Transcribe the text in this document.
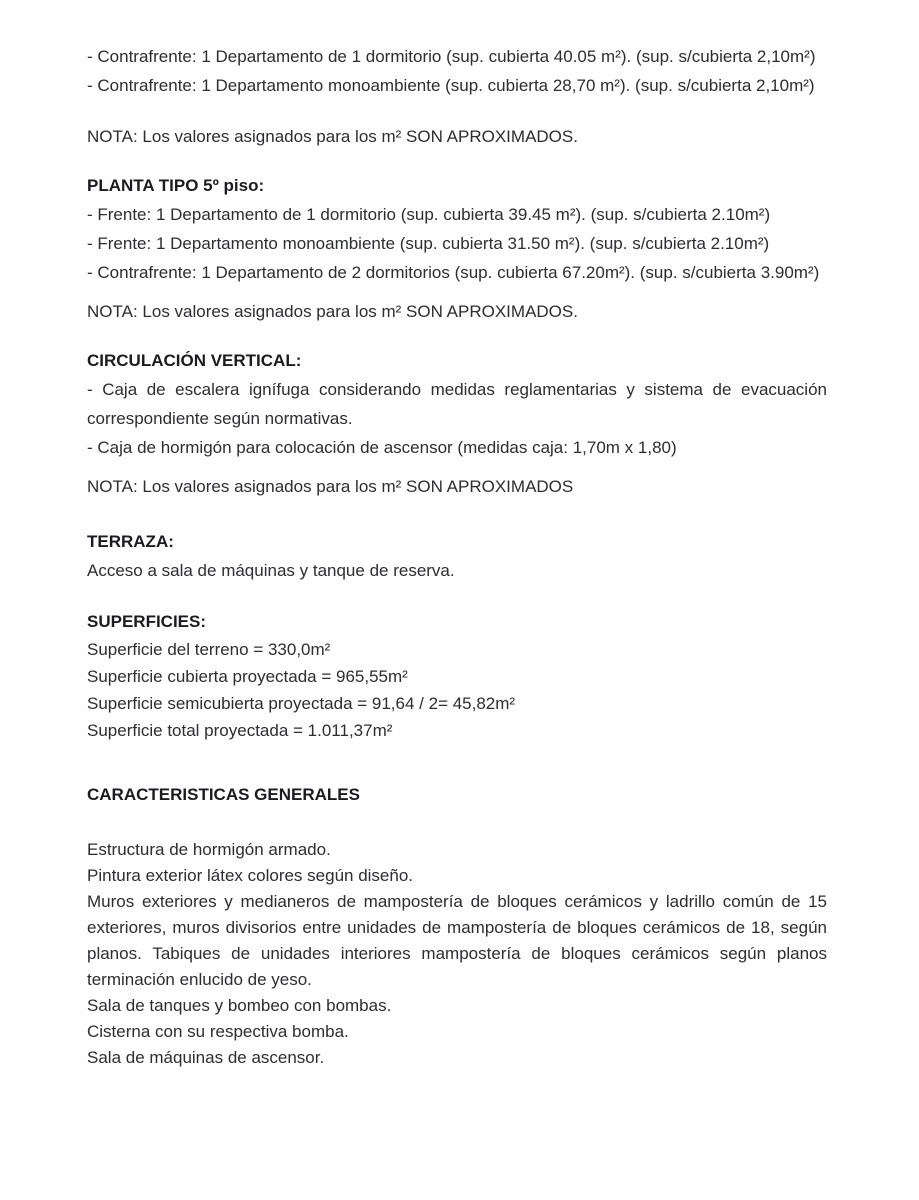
- Contrafrente: 1 Departamento de 1 dormitorio (sup. cubierta 40.05 m²). (sup. s/cubierta 2,10m²)

- Contrafrente: 1 Departamento monoambiente (sup. cubierta 28,70 m²). (sup. s/cubierta 2,10m²)

NOTA: Los valores asignados para los m² SON APROXIMADOS.

PLANTA TIPO 5º piso:

- Frente: 1 Departamento de 1 dormitorio (sup. cubierta 39.45 m²). (sup. s/cubierta 2.10m²)

- Frente: 1 Departamento monoambiente (sup. cubierta 31.50 m²). (sup. s/cubierta 2.10m²)

- Contrafrente: 1 Departamento de 2 dormitorios (sup. cubierta 67.20m²). (sup. s/cubierta 3.90m²)

NOTA: Los valores asignados para los m² SON APROXIMADOS.

CIRCULACIÓN VERTICAL:

- Caja de escalera ignífuga considerando medidas reglamentarias y sistema de evacuación correspondiente según normativas.

- Caja de hormigón para colocación de ascensor (medidas caja: 1,70m x 1,80)

NOTA: Los valores asignados para los m² SON APROXIMADOS

TERRAZA:

Acceso a sala de máquinas y tanque de reserva.

SUPERFICIES:

Superficie del terreno = 330,0m²

Superficie cubierta proyectada = 965,55m²

Superficie semicubierta proyectada = 91,64 / 2= 45,82m²

Superficie total proyectada = 1.011,37m²

CARACTERISTICAS GENERALES

Estructura de hormigón armado.

Pintura exterior látex colores según diseño.

Muros exteriores y medianeros de mampostería de bloques cerámicos y ladrillo común de 15 exteriores, muros divisorios entre unidades de mampostería de bloques cerámicos de 18, según planos. Tabiques de unidades interiores mampostería de bloques cerámicos según planos terminación enlucido de yeso.

Sala de tanques y bombeo con bombas.

Cisterna con su respectiva bomba.

Sala de máquinas de ascensor.
